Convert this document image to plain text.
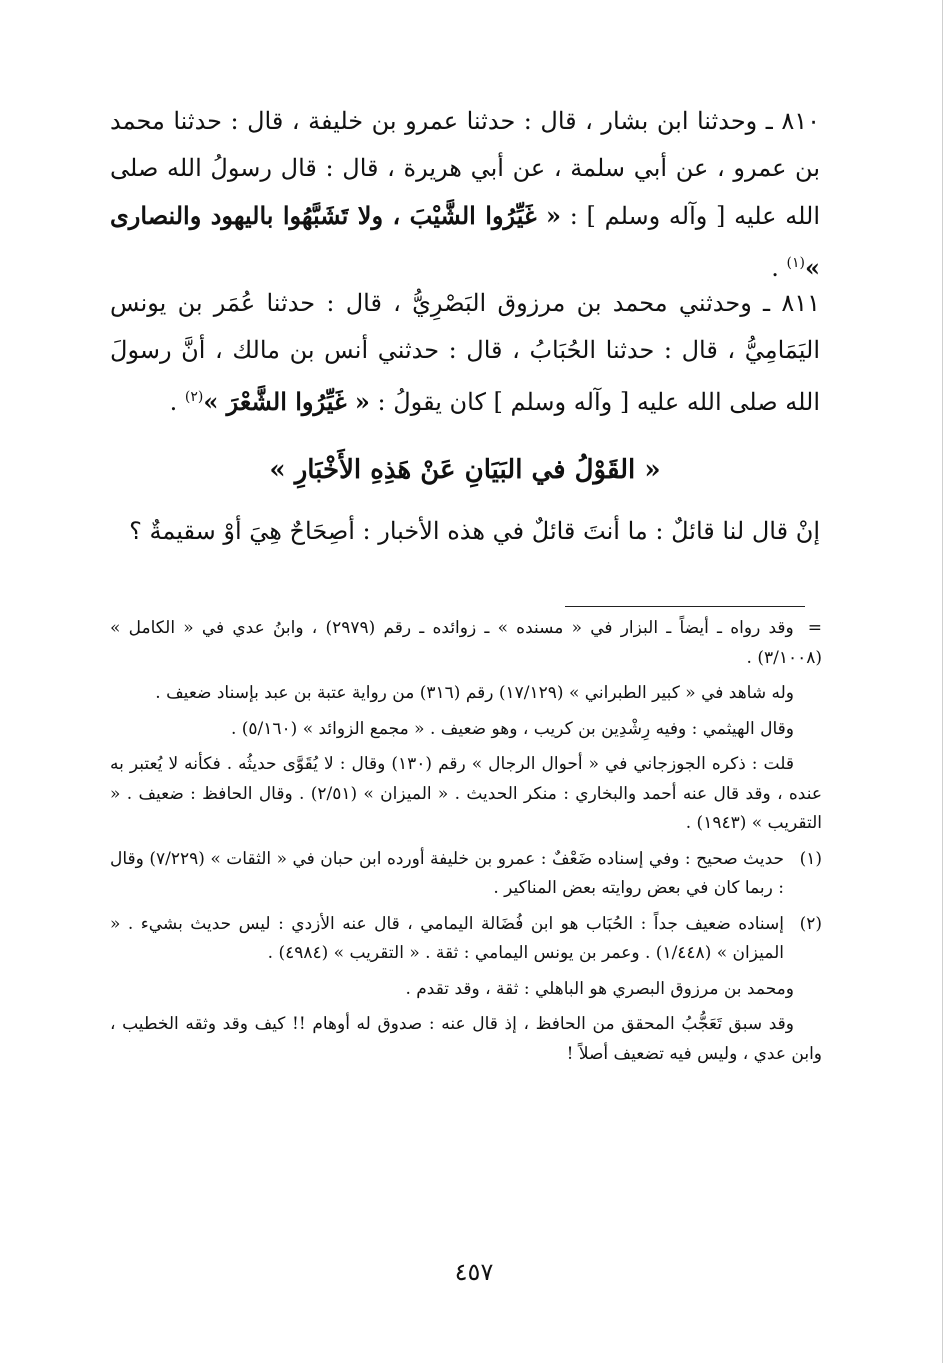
٨١٠ ـ وحدثنا ابن بشار ، قال : حدثنا عمرو بن خليفة ، قال : حدثنا محمد بن عمرو ، عن أبي سلمة ، عن أبي هريرة ، قال : قال رسولُ الله صلى الله عليه [ وآله وسلم ] : « غَيِّرُوا الشَّيْبَ ، ولا تَشَبَّهُوا باليهود والنصارى »$^{(١)}$ .
٨١١ ـ وحدثني محمد بن مرزوق البَصْرِيُّ ، قال : حدثنا عُمَر بن يونس اليَمَامِيُّ ، قال : حدثنا الحُبَابُ ، قال : حدثني أنس بن مالك ، أنَّ رسولَ الله صلى الله عليه [ وآله وسلم ] كان يقولُ : « غَيِّرُوا الشَّعْرَ »$^{(٢)}$ .
« القَوْلُ في البَيَانِ عَنْ هَذِهِ الأَخْبَارِ »
إنْ قال لنا قائلٌ : ما أنتَ قائلٌ في هذه الأخبار : أصِحَاحٌ هِيَ أوْ سقيمةٌ ؟

=وقد رواه ـ أيضاً ـ البزار في « مسنده » ـ زوائده ـ رقم (٢٩٧٩) ، وابنُ عدي في « الكامل » (٣/١٠٠٨) .

وله شاهد في « كبير الطبراني » (١٧/١٢٩) رقم (٣١٦) من رواية عتبة بن عبد بإسناد ضعيف .

وقال الهيثمي : وفيه رِشْدِين بن كريب ، وهو ضعيف . « مجمع الزوائد » (٥/١٦٠) .

قلت : ذكره الجوزجاني في « أحوال الرجال » رقم (١٣٠) وقال : لا يُقَوَّى حديثُه . فكأنه لا يُعتبر به عنده ، وقد قال عنه أحمد والبخاري : منكر الحديث . « الميزان » (٢/٥١) . وقال الحافظ : ضعيف . « التقريب » (١٩٤٣) .

(١)
حديث صحيح : وفي إسناده ضَعْفٌ : عمرو بن خليفة أورده ابن حبان في « الثقات » (٧/٢٢٩) وقال : ربما كان في بعض روايته بعض المناكير .
(٢)
إسناده ضعيف جداً : الحُبَاب هو ابن فُضَالة اليمامي ، قال عنه الأزدي : ليس حديث بشيء . « الميزان » (١/٤٤٨) . وعمر بن يونس اليمامي : ثقة . « التقريب » (٤٩٨٤) .

ومحمد بن مرزوق البصري هو الباهلي : ثقة ، وقد تقدم .

وقد سبق تَعَجُّبُ المحقق من الحافظ ، إذ قال عنه : صدوق له أوهام !! كيف وقد وثقه الخطيب ، وابن عدي ، وليس فيه تضعيف أصلاً !

٤٥٧
